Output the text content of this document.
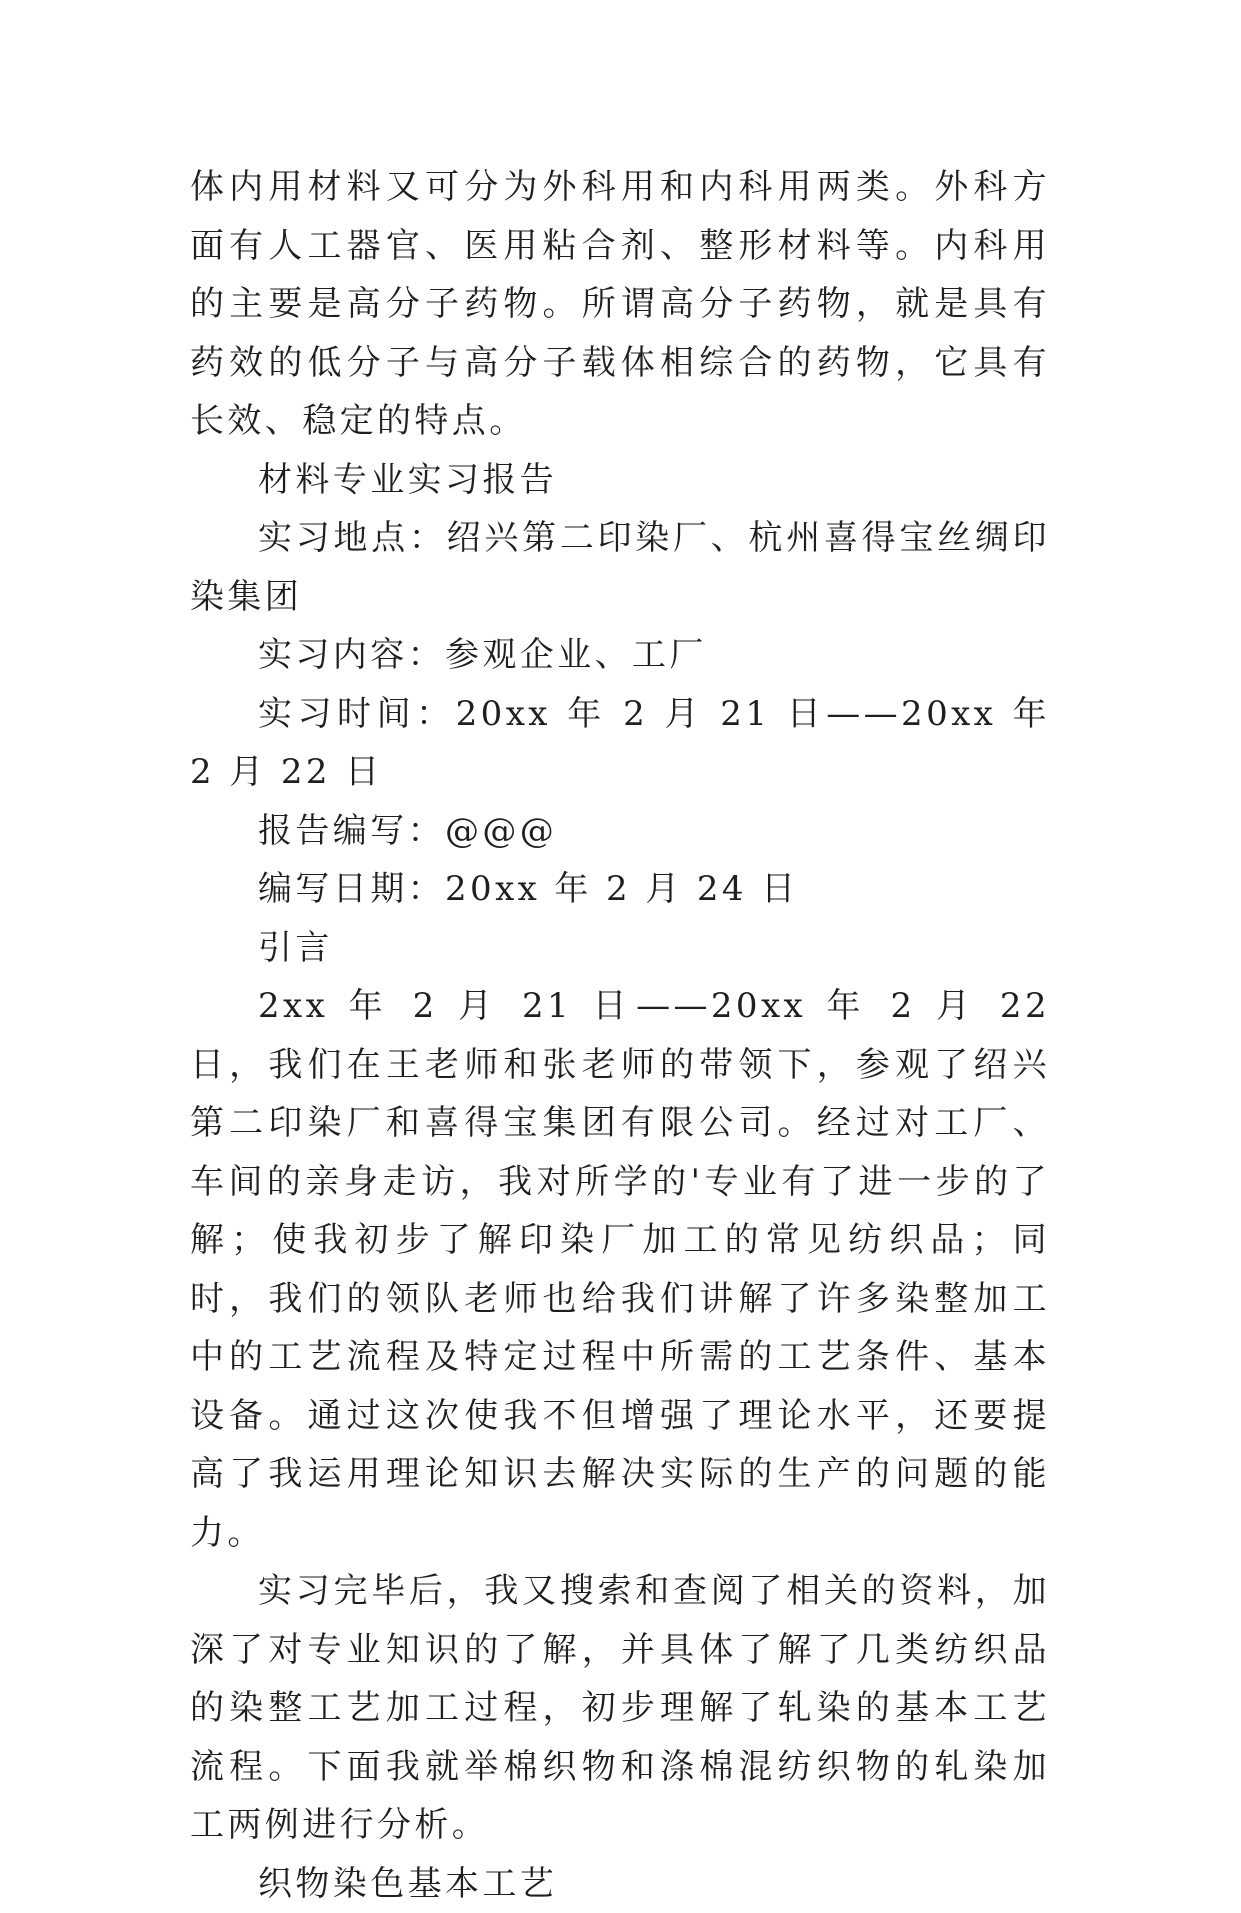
体内用材料又可分为外科用和内科用两类。外科方面有人工器官、医用粘合剂、整形材料等。内科用的主要是高分子药物。所谓高分子药物，就是具有药效的低分子与高分子载体相综合的药物，它具有长效、稳定的特点。

材料专业实习报告

实习地点：绍兴第二印染厂、杭州喜得宝丝绸印染集团

实习内容：参观企业、工厂

实习时间：20xx 年 2 月 21 日——20xx 年 2 月 22 日

报告编写：@@@

编写日期：20xx 年 2 月 24 日

引言

2xx 年 2 月 21 日——20xx 年 2 月 22 日，我们在王老师和张老师的带领下，参观了绍兴第二印染厂和喜得宝集团有限公司。经过对工厂、车间的亲身走访，我对所学的'专业有了进一步的了解；使我初步了解印染厂加工的常见纺织品；同时，我们的领队老师也给我们讲解了许多染整加工中的工艺流程及特定过程中所需的工艺条件、基本设备。通过这次使我不但增强了理论水平，还要提高了我运用理论知识去解决实际的生产的问题的能力。

实习完毕后，我又搜索和查阅了相关的资料，加深了对专业知识的了解，并具体了解了几类纺织品的染整工艺加工过程，初步理解了轧染的基本工艺流程。下面我就举棉织物和涤棉混纺织物的轧染加工两例进行分析。

织物染色基本工艺
